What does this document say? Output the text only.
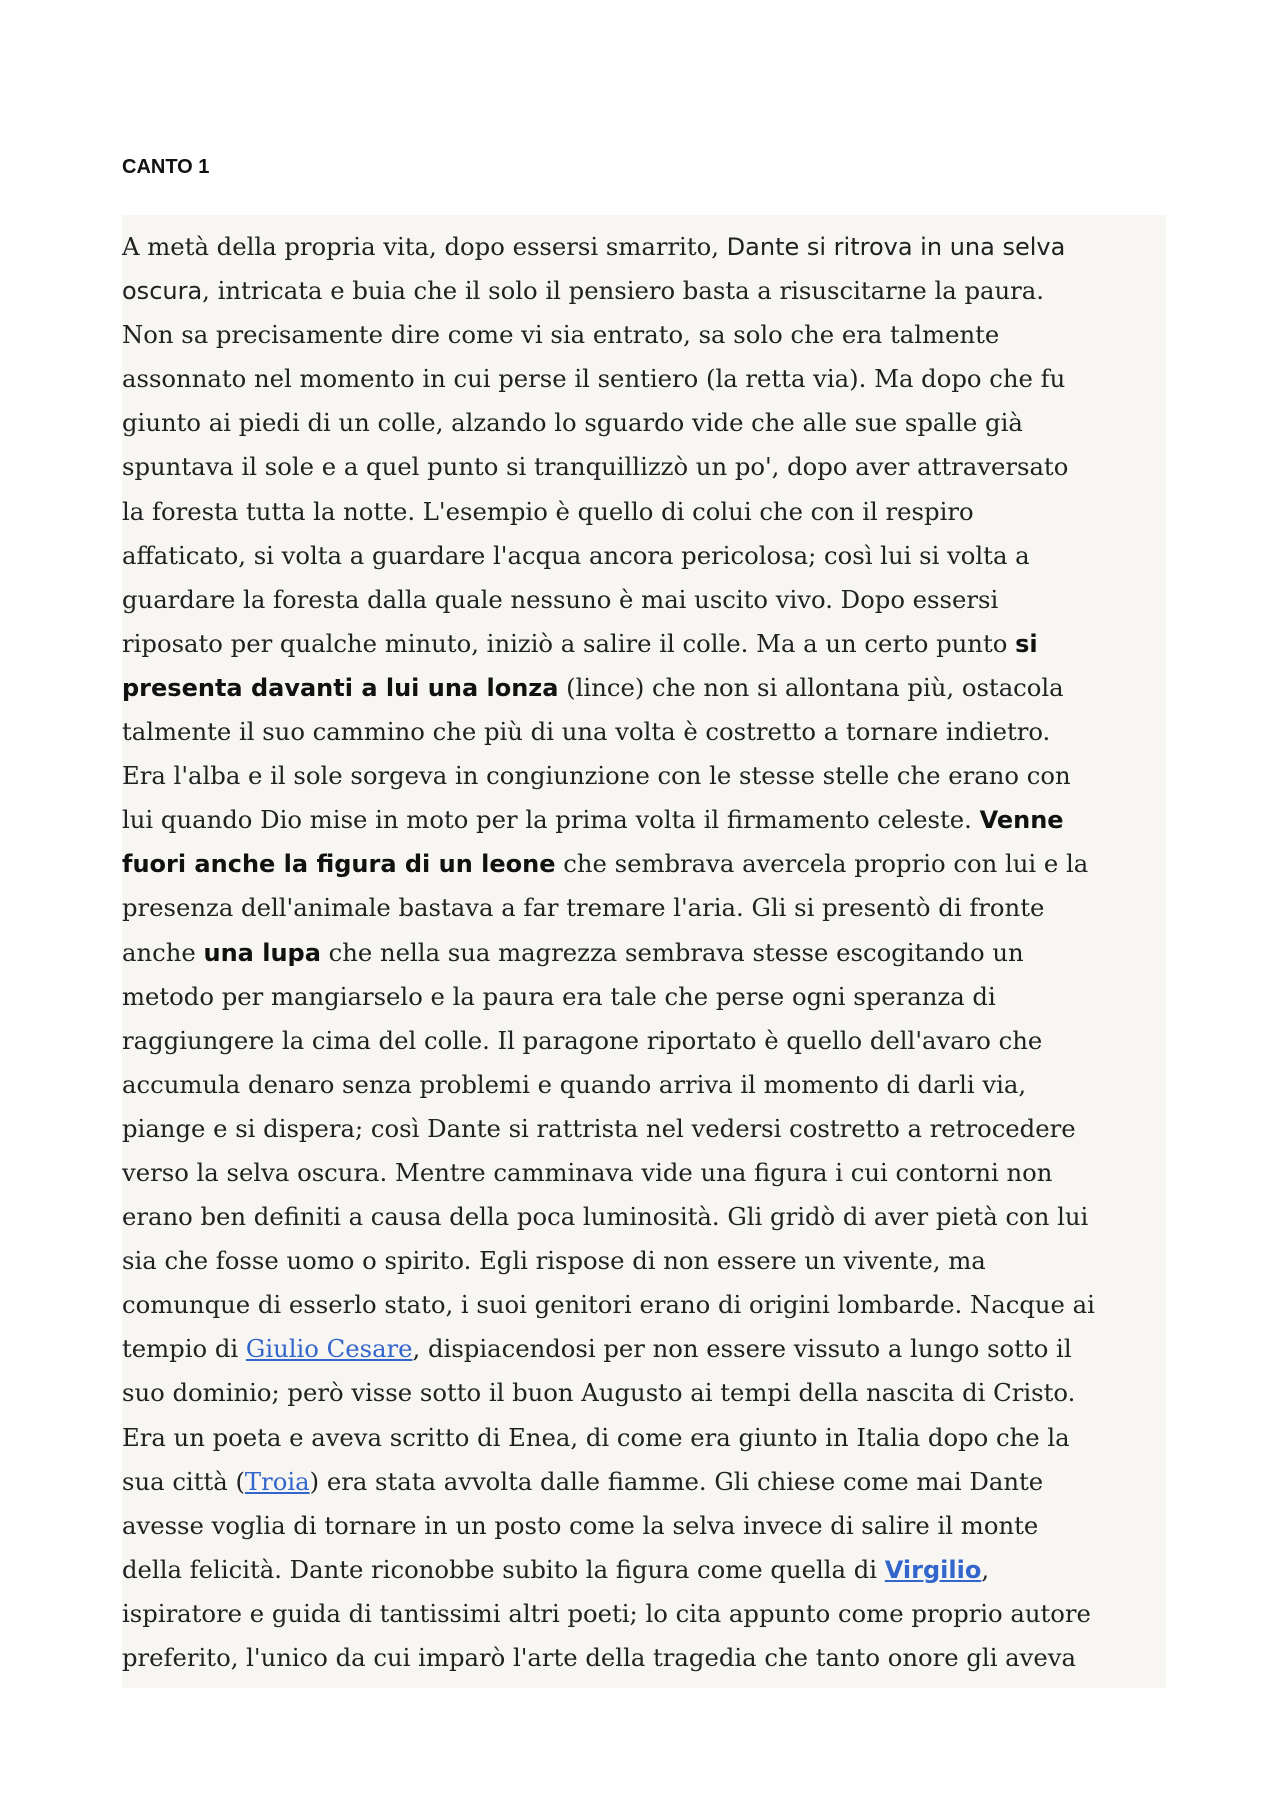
CANTO 1
A metà della propria vita, dopo essersi smarrito, Dante si ritrova in una selva
oscura, intricata e buia che il solo il pensiero basta a risuscitarne la paura.
Non sa precisamente dire come vi sia entrato, sa solo che era talmente
assonnato nel momento in cui perse il sentiero (la retta via). Ma dopo che fu
giunto ai piedi di un colle, alzando lo sguardo vide che alle sue spalle già
spuntava il sole e a quel punto si tranquillizzò un po', dopo aver attraversato
la foresta tutta la notte. L'esempio è quello di colui che con il respiro
affaticato, si volta a guardare l'acqua ancora pericolosa; così lui si volta a
guardare la foresta dalla quale nessuno è mai uscito vivo. Dopo essersi
riposato per qualche minuto, iniziò a salire il colle. Ma a un certo punto si
presenta davanti a lui una lonza (lince) che non si allontana più, ostacola
talmente il suo cammino che più di una volta è costretto a tornare indietro.
Era l'alba e il sole sorgeva in congiunzione con le stesse stelle che erano con
lui quando Dio mise in moto per la prima volta il firmamento celeste. Venne
fuori anche la figura di un leone che sembrava avercela proprio con lui e la
presenza dell'animale bastava a far tremare l'aria. Gli si presentò di fronte
anche una lupa che nella sua magrezza sembrava stesse escogitando un
metodo per mangiarselo e la paura era tale che perse ogni speranza di
raggiungere la cima del colle. Il paragone riportato è quello dell'avaro che
accumula denaro senza problemi e quando arriva il momento di darli via,
piange e si dispera; così Dante si rattrista nel vedersi costretto a retrocedere
verso la selva oscura. Mentre camminava vide una figura i cui contorni non
erano ben definiti a causa della poca luminosità. Gli gridò di aver pietà con lui
sia che fosse uomo o spirito. Egli rispose di non essere un vivente, ma
comunque di esserlo stato, i suoi genitori erano di origini lombarde. Nacque ai
tempio di Giulio Cesare, dispiacendosi per non essere vissuto a lungo sotto il
suo dominio; però visse sotto il buon Augusto ai tempi della nascita di Cristo.
Era un poeta e aveva scritto di Enea, di come era giunto in Italia dopo che la
sua città (Troia) era stata avvolta dalle fiamme. Gli chiese come mai Dante
avesse voglia di tornare in un posto come la selva invece di salire il monte
della felicità. Dante riconobbe subito la figura come quella di Virgilio,
ispiratore e guida di tantissimi altri poeti; lo cita appunto come proprio autore
preferito, l'unico da cui imparò l'arte della tragedia che tanto onore gli aveva
